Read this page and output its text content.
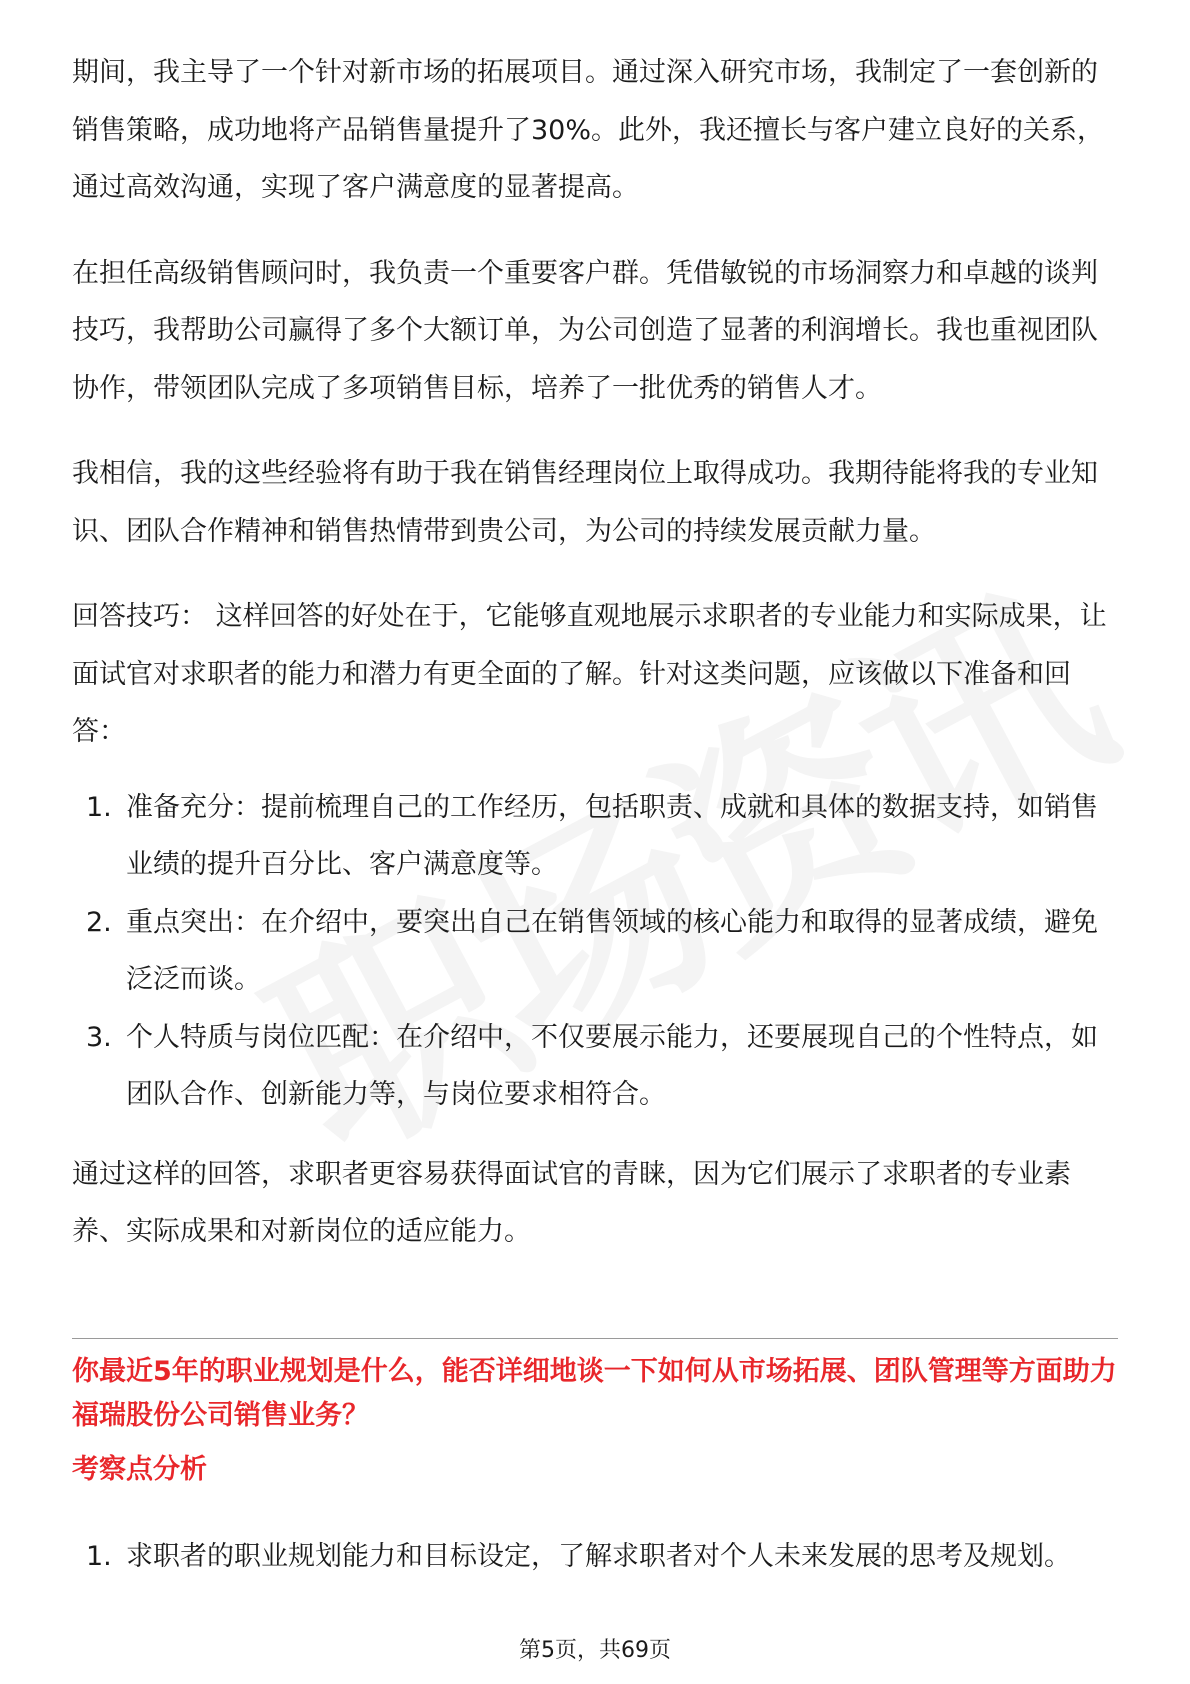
期间，我主导了一个针对新市场的拓展项目。通过深入研究市场，我制定了一套创新的销售策略，成功地将产品销售量提升了30%。此外，我还擅长与客户建立良好的关系，通过高效沟通，实现了客户满意度的显著提高。

在担任高级销售顾问时，我负责一个重要客户群。凭借敏锐的市场洞察力和卓越的谈判技巧，我帮助公司赢得了多个大额订单，为公司创造了显著的利润增长。我也重视团队协作，带领团队完成了多项销售目标，培养了一批优秀的销售人才。

我相信，我的这些经验将有助于我在销售经理岗位上取得成功。我期待能将我的专业知识、团队合作精神和销售热情带到贵公司，为公司的持续发展贡献力量。

回答技巧： 这样回答的好处在于，它能够直观地展示求职者的专业能力和实际成果，让面试官对求职者的能力和潜力有更全面的了解。针对这类问题，应该做以下准备和回答：

1. 准备充分：提前梳理自己的工作经历，包括职责、成就和具体的数据支持，如销售业绩的提升百分比、客户满意度等。
2. 重点突出：在介绍中，要突出自己在销售领域的核心能力和取得的显著成绩，避免泛泛而谈。
3. 个人特质与岗位匹配：在介绍中，不仅要展示能力，还要展现自己的个性特点，如团队合作、创新能力等，与岗位要求相符合。

通过这样的回答，求职者更容易获得面试官的青睐，因为它们展示了求职者的专业素养、实际成果和对新岗位的适应能力。

你最近5年的职业规划是什么，能否详细地谈一下如何从市场拓展、团队管理等方面助力福瑞股份公司销售业务？
考察点分析
1. 求职者的职业规划能力和目标设定，了解求职者对个人未来发展的思考及规划。
第5页，共69页
